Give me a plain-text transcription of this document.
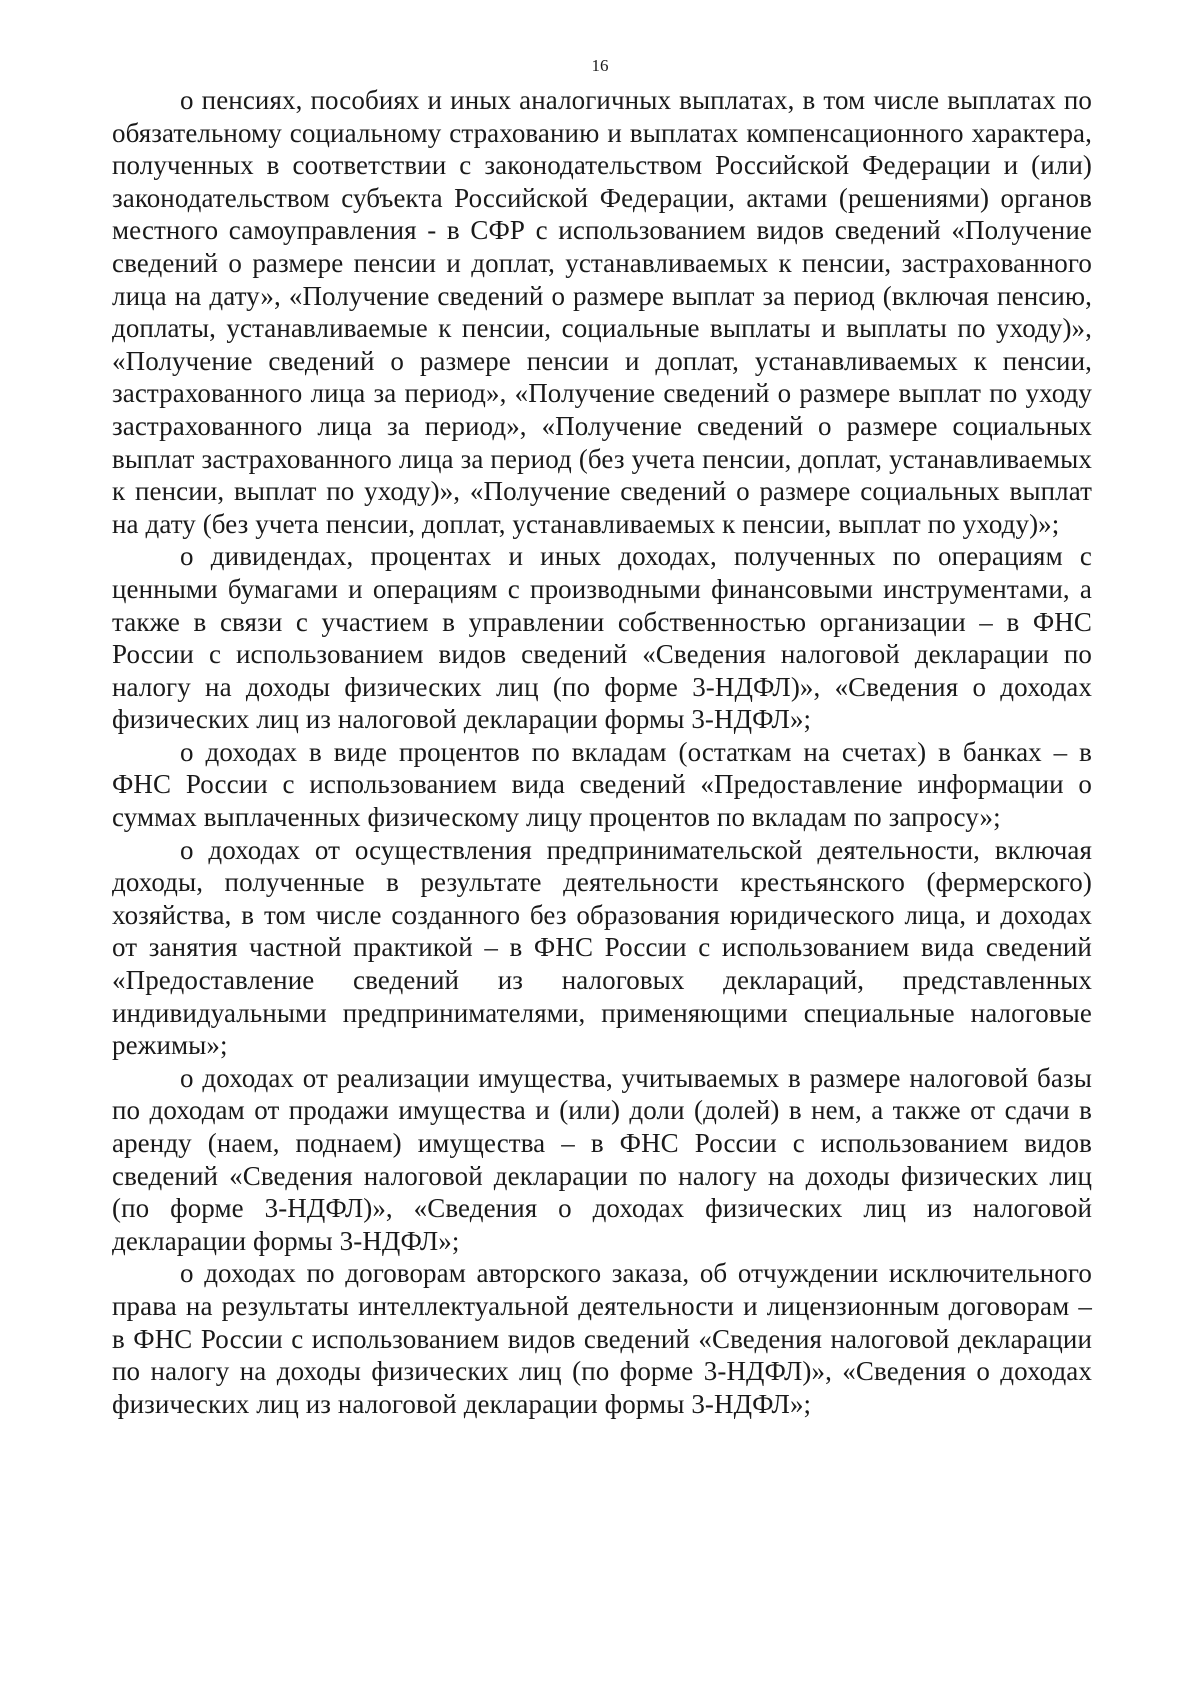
16

о пенсиях, пособиях и иных аналогичных выплатах, в том числе выплатах по обязательному социальному страхованию и выплатах компенсационного характера, полученных в соответствии с законодательством Российской Федерации и (или) законодательством субъекта Российской Федерации, актами (решениями) органов местного самоуправления - в СФР с использованием видов сведений «Получение сведений о размере пенсии и доплат, устанавливаемых к пенсии, застрахованного лица на дату», «Получение сведений о размере выплат за период (включая пенсию, доплаты, устанавливаемые к пенсии, социальные выплаты и выплаты по уходу)», «Получение сведений о размере пенсии и доплат, устанавливаемых к пенсии, застрахованного лица за период», «Получение сведений о размере выплат по уходу застрахованного лица за период», «Получение сведений о размере социальных выплат застрахованного лица за период (без учета пенсии, доплат, устанавливаемых к пенсии, выплат по уходу)», «Получение сведений о размере социальных выплат на дату (без учета пенсии, доплат, устанавливаемых к пенсии, выплат по уходу)»;

о дивидендах, процентах и иных доходах, полученных по операциям с ценными бумагами и операциям с производными финансовыми инструментами, а также в связи с участием в управлении собственностью организации – в ФНС России с использованием видов сведений «Сведения налоговой декларации по налогу на доходы физических лиц (по форме 3-НДФЛ)», «Сведения о доходах физических лиц из налоговой декларации формы 3-НДФЛ»;

о доходах в виде процентов по вкладам (остаткам на счетах) в банках – в ФНС России с использованием вида сведений «Предоставление информации о суммах выплаченных физическому лицу процентов по вкладам по запросу»;

о доходах от осуществления предпринимательской деятельности, включая доходы, полученные в результате деятельности крестьянского (фермерского) хозяйства, в том числе созданного без образования юридического лица, и доходах от занятия частной практикой – в ФНС России с использованием вида сведений «Предоставление сведений из налоговых деклараций, представленных индивидуальными предпринимателями, применяющими специальные налоговые режимы»;

о доходах от реализации имущества, учитываемых в размере налоговой базы по доходам от продажи имущества и (или) доли (долей) в нем, а также от сдачи в аренду (наем, поднаем) имущества – в ФНС России с использованием видов сведений «Сведения налоговой декларации по налогу на доходы физических лиц (по форме 3-НДФЛ)», «Сведения о доходах физических лиц из налоговой декларации формы 3-НДФЛ»;

о доходах по договорам авторского заказа, об отчуждении исключительного права на результаты интеллектуальной деятельности и лицензионным договорам – в ФНС России с использованием видов сведений «Сведения налоговой декларации по налогу на доходы физических лиц (по форме 3-НДФЛ)», «Сведения о доходах физических лиц из налоговой декларации формы 3-НДФЛ»;
